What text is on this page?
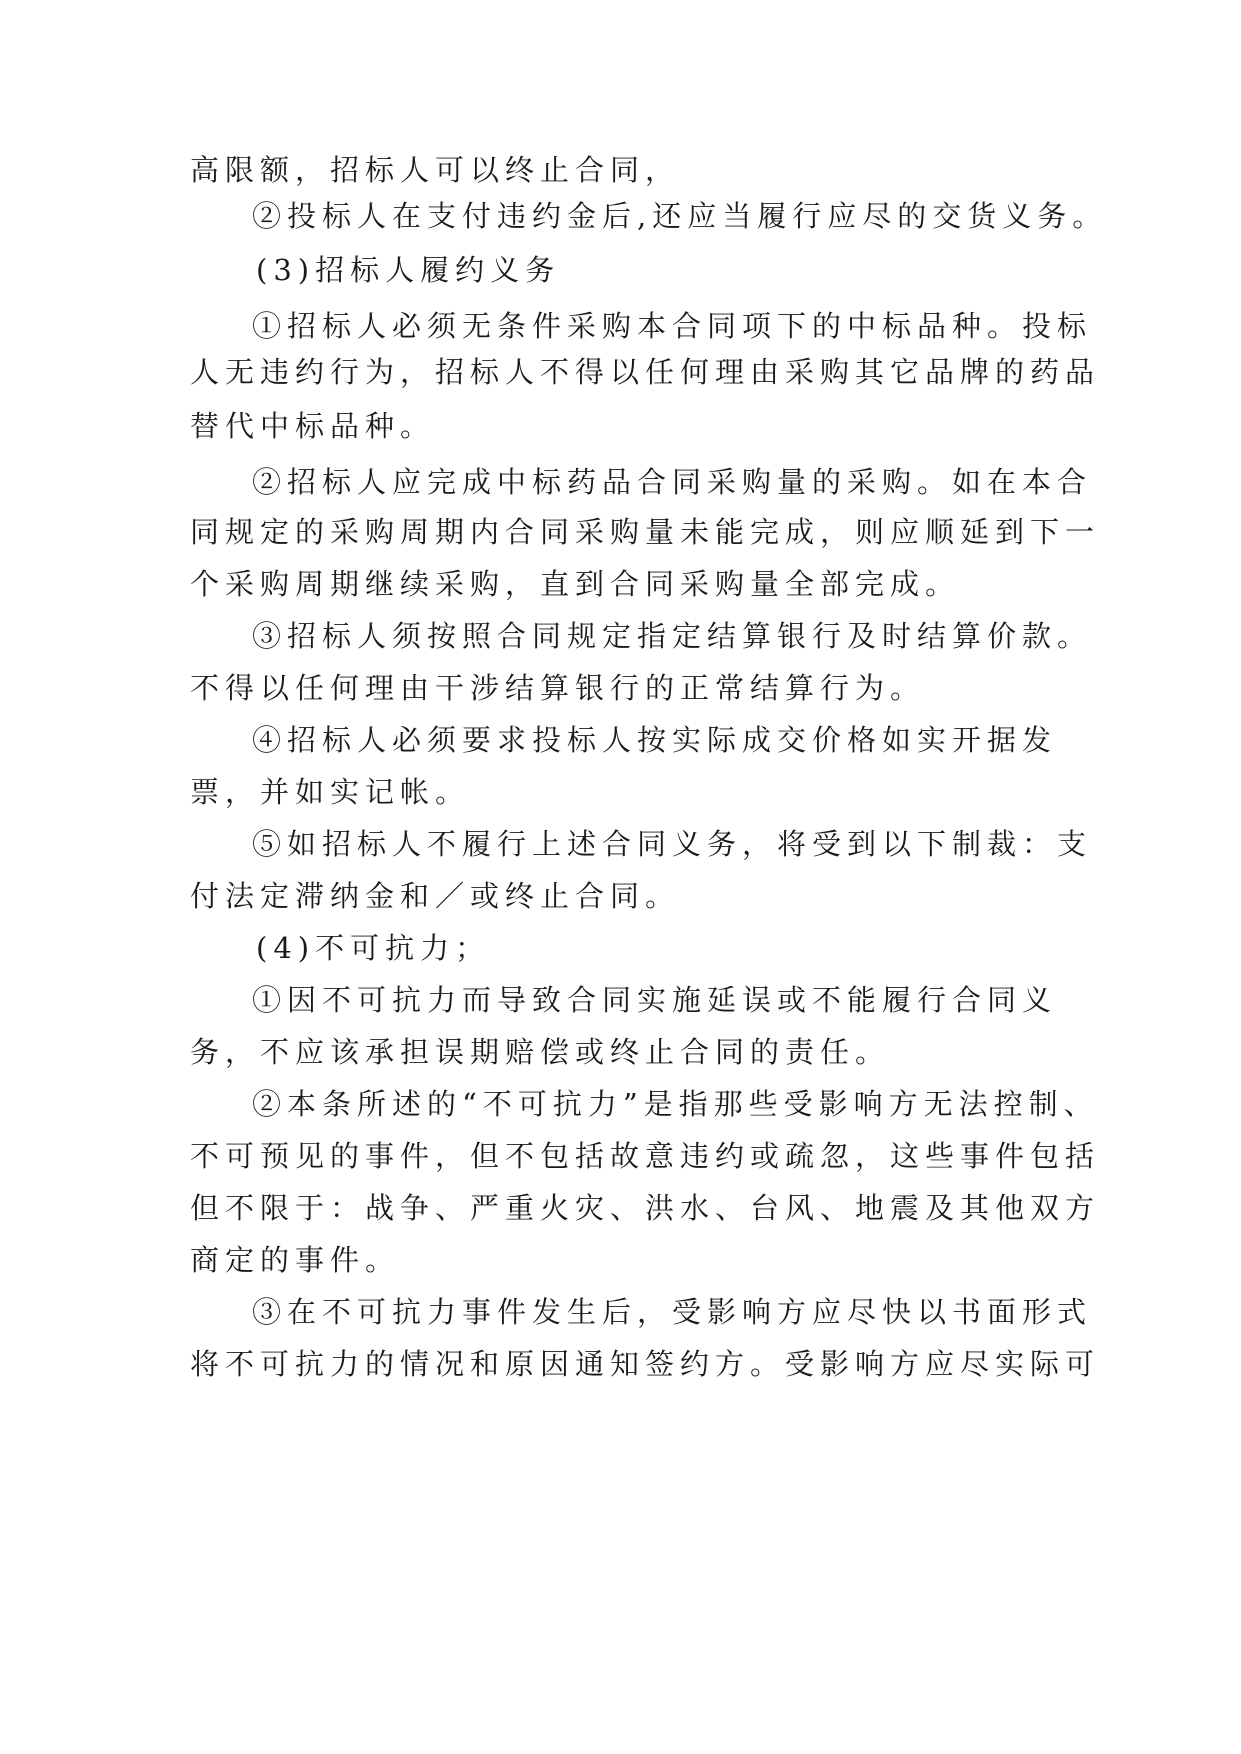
高限额，招标人可以终止合同，
②投标人在支付违约金后,还应当履行应尽的交货义务。
(3)招标人履约义务
①招标人必须无条件采购本合同项下的中标品种。投标
人无违约行为，招标人不得以任何理由采购其它品牌的药品
替代中标品种。
②招标人应完成中标药品合同采购量的采购。如在本合
同规定的采购周期内合同采购量未能完成，则应顺延到下一
个采购周期继续采购，直到合同采购量全部完成。
③招标人须按照合同规定指定结算银行及时结算价款。
不得以任何理由干涉结算银行的正常结算行为。
④招标人必须要求投标人按实际成交价格如实开据发
票，并如实记帐。
⑤如招标人不履行上述合同义务，将受到以下制裁：支
付法定滞纳金和／或终止合同。
(4)不可抗力；
①因不可抗力而导致合同实施延误或不能履行合同义
务，不应该承担误期赔偿或终止合同的责任。
②本条所述的“不可抗力”是指那些受影响方无法控制、
不可预见的事件，但不包括故意违约或疏忽，这些事件包括
但不限于：战争、严重火灾、洪水、台风、地震及其他双方
商定的事件。
③在不可抗力事件发生后，受影响方应尽快以书面形式
将不可抗力的情况和原因通知签约方。受影响方应尽实际可
